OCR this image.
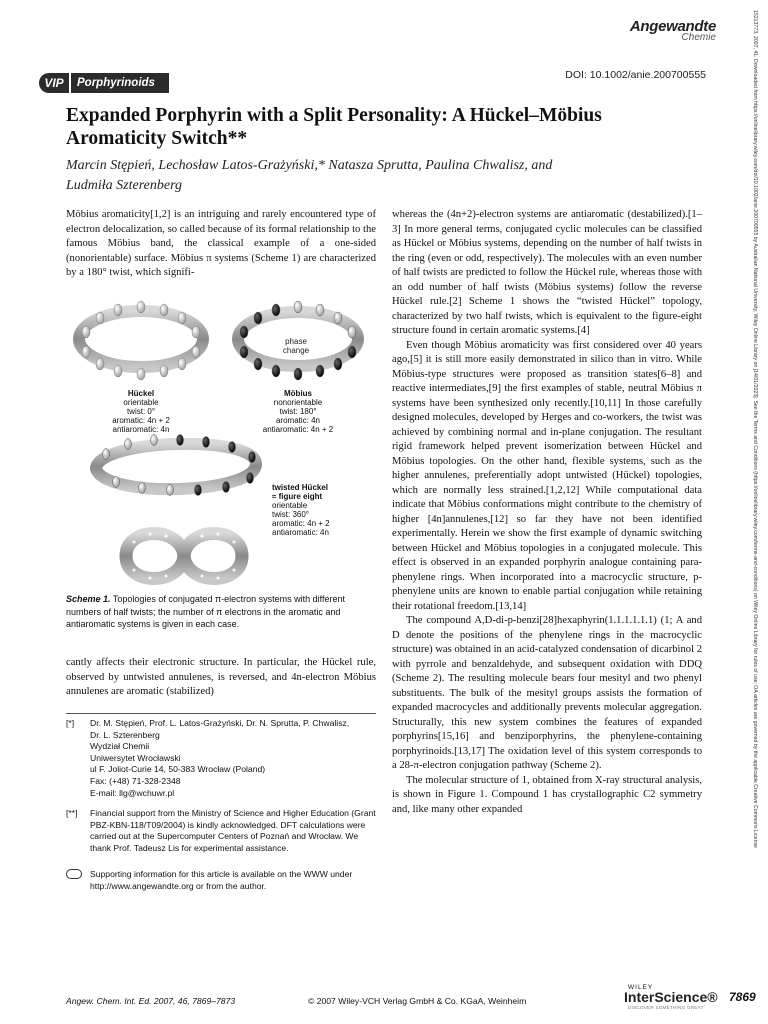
Angewandte
Chemie
VIP	Porphyrinoids
DOI: 10.1002/anie.200700555
Expanded Porphyrin with a Split Personality: A Hückel–Möbius
Aromaticity Switch**
Marcin Stępień, Lechosław Latos-Grażyński,* Natasza Sprutta, Paulina Chwalisz, and
Ludmiła Szterenberg

Möbius aromaticity[1,2] is an intriguing and rarely encountered type of electron delocalization, so called because of its formal relationship to the famous Möbius band, the classical example of a one-sided (nonorientable) surface. Möbius π systems (Scheme 1) are characterized by a 180° twist, which signifi-

phase
change
Hückel
orientable
twist: 0°
aromatic: 4n + 2
antiaromatic: 4n
Möbius
nonorientable
twist: 180°
aromatic: 4n
antiaromatic: 4n + 2
twisted Hückel
≈ figure eight
orientable
twist: 360°
aromatic: 4n + 2
antiaromatic: 4n
Scheme 1. Topologies of conjugated π-electron systems with different numbers of half twists; the number of π electrons in the aromatic and antiaromatic systems is given in each case.

cantly affects their electronic structure. In particular, the Hückel rule, observed by untwisted annulenes, is reversed, and 4n-electron Möbius annulenes are aromatic (stabilized)

[*] Dr. M. Stępień, Prof. L. Latos-Grażyński, Dr. N. Sprutta, P. Chwalisz,
Dr. L. Szterenberg
Wydział Chemii
Uniwersytet Wrocławski
ul F. Joliot-Curie 14, 50-383 Wrocław (Poland)
Fax: (+48) 71-328-2348
E-mail: llg@wchuwr.pl
[**] Financial support from the Ministry of Science and Higher Education (Grant PBZ-KBN-118/T09/2004) is kindly acknowledged. DFT calculations were carried out at the Supercomputer Centers of Poznań and Wrocław. We thank Prof. Tadeusz Lis for experimental assistance.
Supporting information for this article is available on the WWW under http://www.angewandte.org or from the author.

whereas the (4n+2)-electron systems are antiaromatic (destabilized).[1–3] In more general terms, conjugated cyclic molecules can be classified as Hückel or Möbius systems, depending on the number of half twists in the ring (even or odd, respectively). The molecules with an even number of half twists are predicted to follow the Hückel rule, whereas those with an odd number of half twists (Möbius systems) follow the reverse Hückel rule.[2] Scheme 1 shows the “twisted Hückel” topology, characterized by two half twists, which is equivalent to the figure-eight structure found in certain aromatic systems.[4]

Even though Möbius aromaticity was first considered over 40 years ago,[5] it is still more easily demonstrated in silico than in vitro. While Möbius-type structures were proposed as transition states[6–8] and reactive intermediates,[9] the first examples of stable, neutral Möbius π systems have been synthesized only recently.[10,11] In those carefully designed molecules, developed by Herges and co-workers, the twist was achieved by combining normal and in-plane conjugation. The resultant rigid framework helped prevent isomerization between Hückel and Möbius topologies. On the other hand, flexible systems, such as the higher annulenes, preferentially adopt untwisted (Hückel) topologies, which are normally less strained.[1,2,12] While computational data indicate that Möbius conformations might contribute to the chemistry of higher [4n]annulenes,[12] so far they have not been identified experimentally. Herein we show the first example of dynamic switching between Hückel and Möbius topologies in a conjugated molecule. This effect is observed in an expanded porphyrin analogue containing para-phenylene rings. When incorporated into a macrocyclic structure, p-phenylene units are known to enable partial conjugation while retaining their rotational freedom.[13,14]

The compound A,D-di-p-benzi[28]hexaphyrin(1.1.1.1.1.1) (1; A and D denote the positions of the phenylene rings in the macrocyclic structure) was obtained in an acid-catalyzed condensation of dicarbinol 2 with pyrrole and benzaldehyde, and subsequent oxidation with DDQ (Scheme 2). The resulting molecule bears four mesityl and two phenyl substituents. The bulk of the mesityl groups assists the formation of expanded macrocycles and additionally prevents molecular aggregation. Structurally, this new system combines the features of expanded porphyrins[15,16] and benziporphyrins, the phenylene-containing porphyrinoids.[13,17] The oxidation level of this system corresponds to a 28-π-electron conjugation pathway (Scheme 2).

The molecular structure of 1, obtained from X-ray structural analysis, is shown in Figure 1. Compound 1 has crystallographic C2 symmetry and, like many other expanded

Angew. Chem. Int. Ed. 2007, 46, 7869–7873	© 2007 Wiley-VCH Verlag GmbH & Co. KGaA, Weinheim
WILEY
InterScience®
DISCOVER SOMETHING GREAT
7869
15213773, 2007, 41, Downloaded from https://onlinelibrary.wiley.com/doi/10.1002/anie.200700555 by Australian National University, Wiley Online Library on [14/01/2023]. See the Terms and Conditions (https://onlinelibrary.wiley.com/terms-and-conditions) on Wiley Online Library for rules of use; OA articles are governed by the applicable Creative Commons License
